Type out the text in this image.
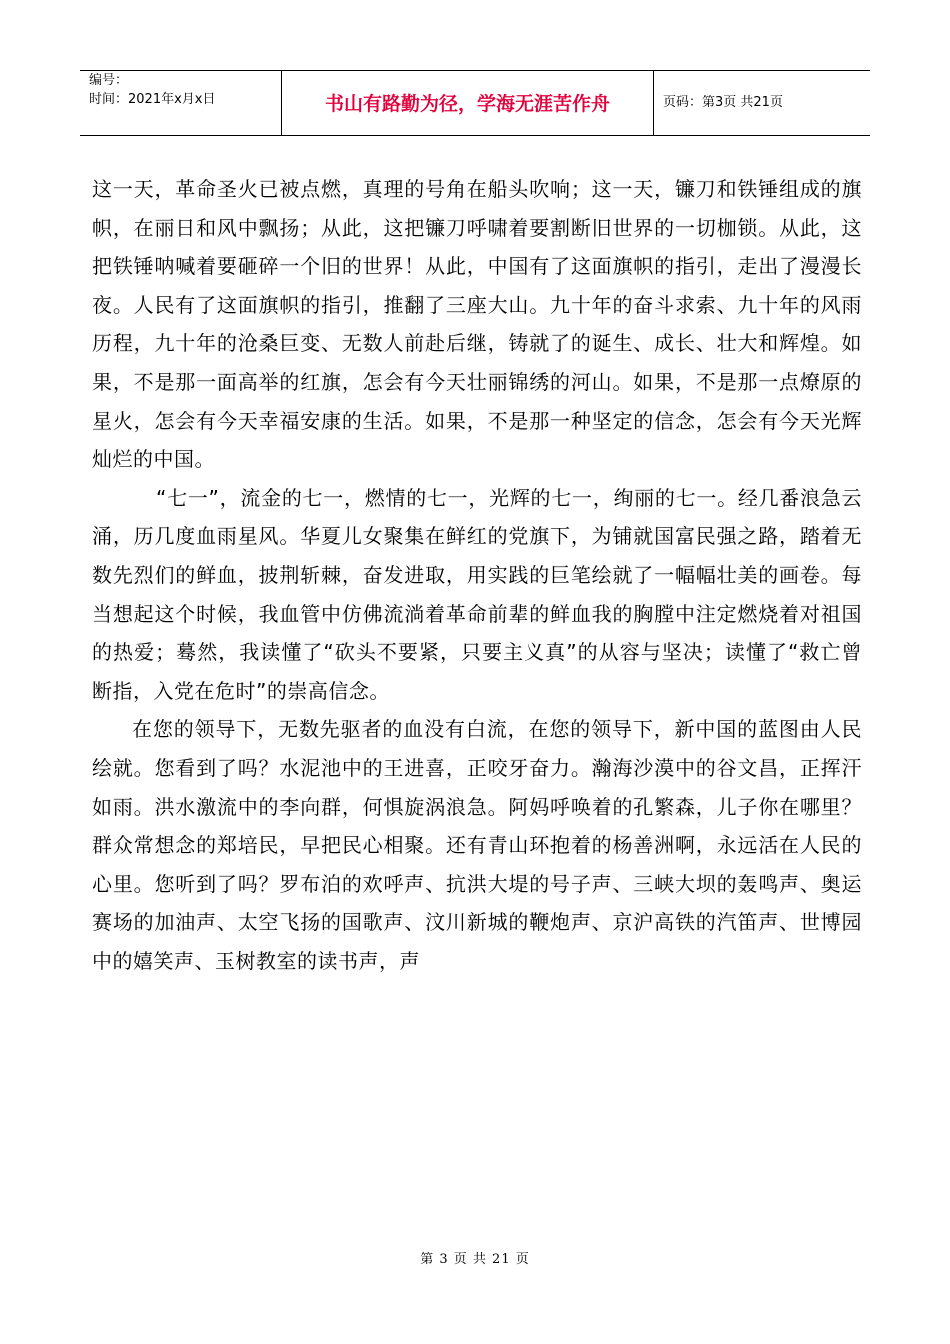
编号：
时间：2021年x月x日	书山有路勤为径，学海无涯苦作舟	页码：第3页 共21页

这一天，革命圣火已被点燃，真理的号角在船头吹响；这一天，镰刀和铁锤组成的旗帜，在丽日和风中飘扬；从此，这把镰刀呼啸着要割断旧世界的一切枷锁。从此，这把铁锤呐喊着要砸碎一个旧的世界！从此，中国有了这面旗帜的指引，走出了漫漫长夜。人民有了这面旗帜的指引，推翻了三座大山。九十年的奋斗求索、九十年的风雨历程，九十年的沧桑巨变、无数人前赴后继，铸就了的诞生、成长、壮大和辉煌。如果，不是那一面高举的红旗，怎会有今天壮丽锦绣的河山。如果，不是那一点燎原的星火，怎会有今天幸福安康的生活。如果，不是那一种坚定的信念，怎会有今天光辉灿烂的中国。

“七一”，流金的七一，燃情的七一，光辉的七一，绚丽的七一。经几番浪急云涌，历几度血雨星风。华夏儿女聚集在鲜红的党旗下，为铺就国富民强之路，踏着无数先烈们的鲜血，披荆斩棘，奋发进取，用实践的巨笔绘就了一幅幅壮美的画卷。每当想起这个时候，我血管中仿佛流淌着革命前辈的鲜血我的胸膛中注定燃烧着对祖国的热爱；蓦然，我读懂了“砍头不要紧，只要主义真”的从容与坚决；读懂了“救亡曾断指，入党在危时”的崇高信念。

在您的领导下，无数先驱者的血没有白流，在您的领导下，新中国的蓝图由人民绘就。您看到了吗？水泥池中的王进喜，正咬牙奋力。瀚海沙漠中的谷文昌，正挥汗如雨。洪水激流中的李向群，何惧旋涡浪急。阿妈呼唤着的孔繁森，儿子你在哪里？群众常想念的郑培民，早把民心相聚。还有青山环抱着的杨善洲啊，永远活在人民的心里。您听到了吗？罗布泊的欢呼声、抗洪大堤的号子声、三峡大坝的轰鸣声、奥运赛场的加油声、太空飞扬的国歌声、汶川新城的鞭炮声、京沪高铁的汽笛声、世博园中的嬉笑声、玉树教室的读书声，声

第 3 页 共 21 页
